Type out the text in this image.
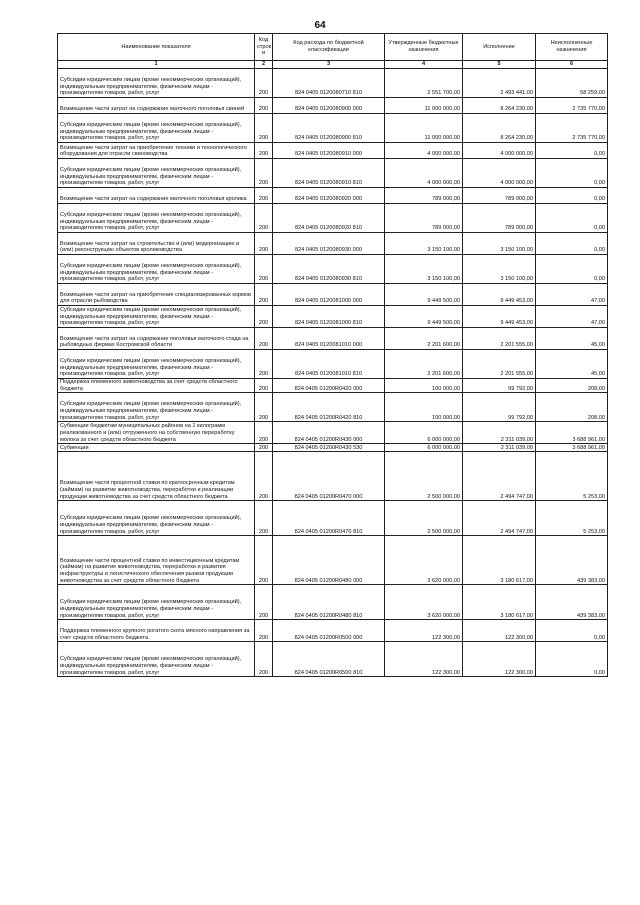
64
Наименование показателя	Код строк и	Код расхода по бюджетной классификации	Утвержденные бюджетные назначения	Исполнение	Неисполненные назначения
1	2	3	4	5	6
Субсидии юридическим лицам (кроме некоммерческих организаций), индивидуальным предпринимателям, физическим лицам - производителям товаров, работ, услуг	200	824 0405 0120080710 810	2 551 700,00	2 493 441,00	58 259,00
Возмещение части затрат на содержание маточного поголовья свиней	200	824 0405 0120080900 000	11 000 000,00	8 264 230,00	2 735 770,00
Субсидии юридическим лицам (кроме некоммерческих организаций), индивидуальным предпринимателям, физическим лицам - производителям товаров, работ, услуг	200	824 0405 0120080900 810	11 000 000,00	8 264 230,00	2 735 770,00
Возмещение части затрат на приобретение техники и технологического оборудования для отрасли свиноводства	200	824 0405 0120080910 000	4 000 000,00	4 000 000,00	0,00
Субсидии юридическим лицам (кроме некоммерческих организаций), индивидуальным предпринимателям, физическим лицам - производителям товаров, работ, услуг	200	824 0405 0120080910 810	4 000 000,00	4 000 000,00	0,00
Возмещение части затрат на содержание маточного поголовья кролика	200	824 0405 0120080920 000	789 000,00	789 000,00	0,00
Субсидии юридическим лицам (кроме некоммерческих организаций), индивидуальным предпринимателям, физическим лицам - производителям товаров, работ, услуг	200	824 0405 0120080920 810	789 000,00	789 000,00	0,00
Возмещение части затрат на строительство и (или) модернизацию и (или) реконструкцию объектов кролиководства	200	824 0405 0120080930 000	3 150 100,00	3 150 100,00	0,00
Субсидии юридическим лицам (кроме некоммерческих организаций), индивидуальным предпринимателям, физическим лицам - производителям товаров, работ, услуг	200	824 0405 0120080930 810	3 150 100,00	3 150 100,00	0,00
Возмещение части затрат на приобретение специализированных кормов для отрасли рыбоводства	200	824 0405 0120081000 000	9 449 500,00	9 449 453,00	47,00
Субсидии юридическим лицам (кроме некоммерческих организаций), индивидуальным предпринимателям, физическим лицам - производителям товаров, работ, услуг	200	824 0405 0120081000 810	9 449 500,00	9 449 453,00	47,00
Возмещение части затрат на содержание поголовья маточного стада на рыбоводных фермах Костромской области	200	824 0405 0120081010 000	2 201 600,00	2 201 555,00	45,00
Субсидии юридическим лицам (кроме некоммерческих организаций), индивидуальным предпринимателям, физическим лицам - производителям товаров, работ, услуг	200	824 0405 0120081010 810	2 201 600,00	2 201 555,00	45,00
Поддержка племенного животноводства за счет средств областного бюджета	200	824 0405 01200R0420 000	100 000,00	99 792,00	208,00
Субсидии юридическим лицам (кроме некоммерческих организаций), индивидуальным предпринимателям, физическим лицам - производителям товаров, работ, услуг	200	824 0405 01200R0420 810	100 000,00	99 792,00	208,00
Субвенции бюджетам муниципальных районов на 1 килограмм реализованного и (или) отгруженного на собственную переработку молока за счет средств областного бюджета	200	824 0405 01200R0430 000	6 000 000,00	2 311 039,00	3 688 961,00
Субвенции	200	824 0405 01200R0430 530	6 000 000,00	2 311 039,00	3 688 961,00
Возмещение части процентной ставки по краткосрочным кредитам (займам) на развитие животноводства, переработки и реализации продукции животноводства за счет средств областного бюджета	200	824 0405 01200R0470 000	2 500 000,00	2 494 747,00	5 253,00
Субсидии юридическим лицам (кроме некоммерческих организаций), индивидуальным предпринимателям, физическим лицам - производителям товаров, работ, услуг	200	824 0405 01200R0470 810	2 500 000,00	2 494 747,00	5 253,00
Возмещение части процентной ставки по инвестиционным кредитам (займам) на развитие животноводства, переработки и развития инфраструктуры и логистического обеспечения рынков продукции животноводства за счет средств областного бюджета	200	824 0405 01200R0480 000	3 620 000,00	3 180 617,00	439 383,00
Субсидии юридическим лицам (кроме некоммерческих организаций), индивидуальным предпринимателям, физическим лицам - производителям товаров, работ, услуг	200	824 0405 01200R0480 810	3 620 000,00	3 180 617,00	439 383,00
Поддержка племенного крупного рогатого скота мясного направления за счет средств областного бюджета	200	824 0405 01200R0500 000	122 300,00	122 300,00	0,00
Субсидии юридическим лицам (кроме некоммерческих организаций), индивидуальным предпринимателям, физическим лицам - производителям товаров, работ, услуг	200	824 0405 01200R0500 810	122 300,00	122 300,00	0,00
